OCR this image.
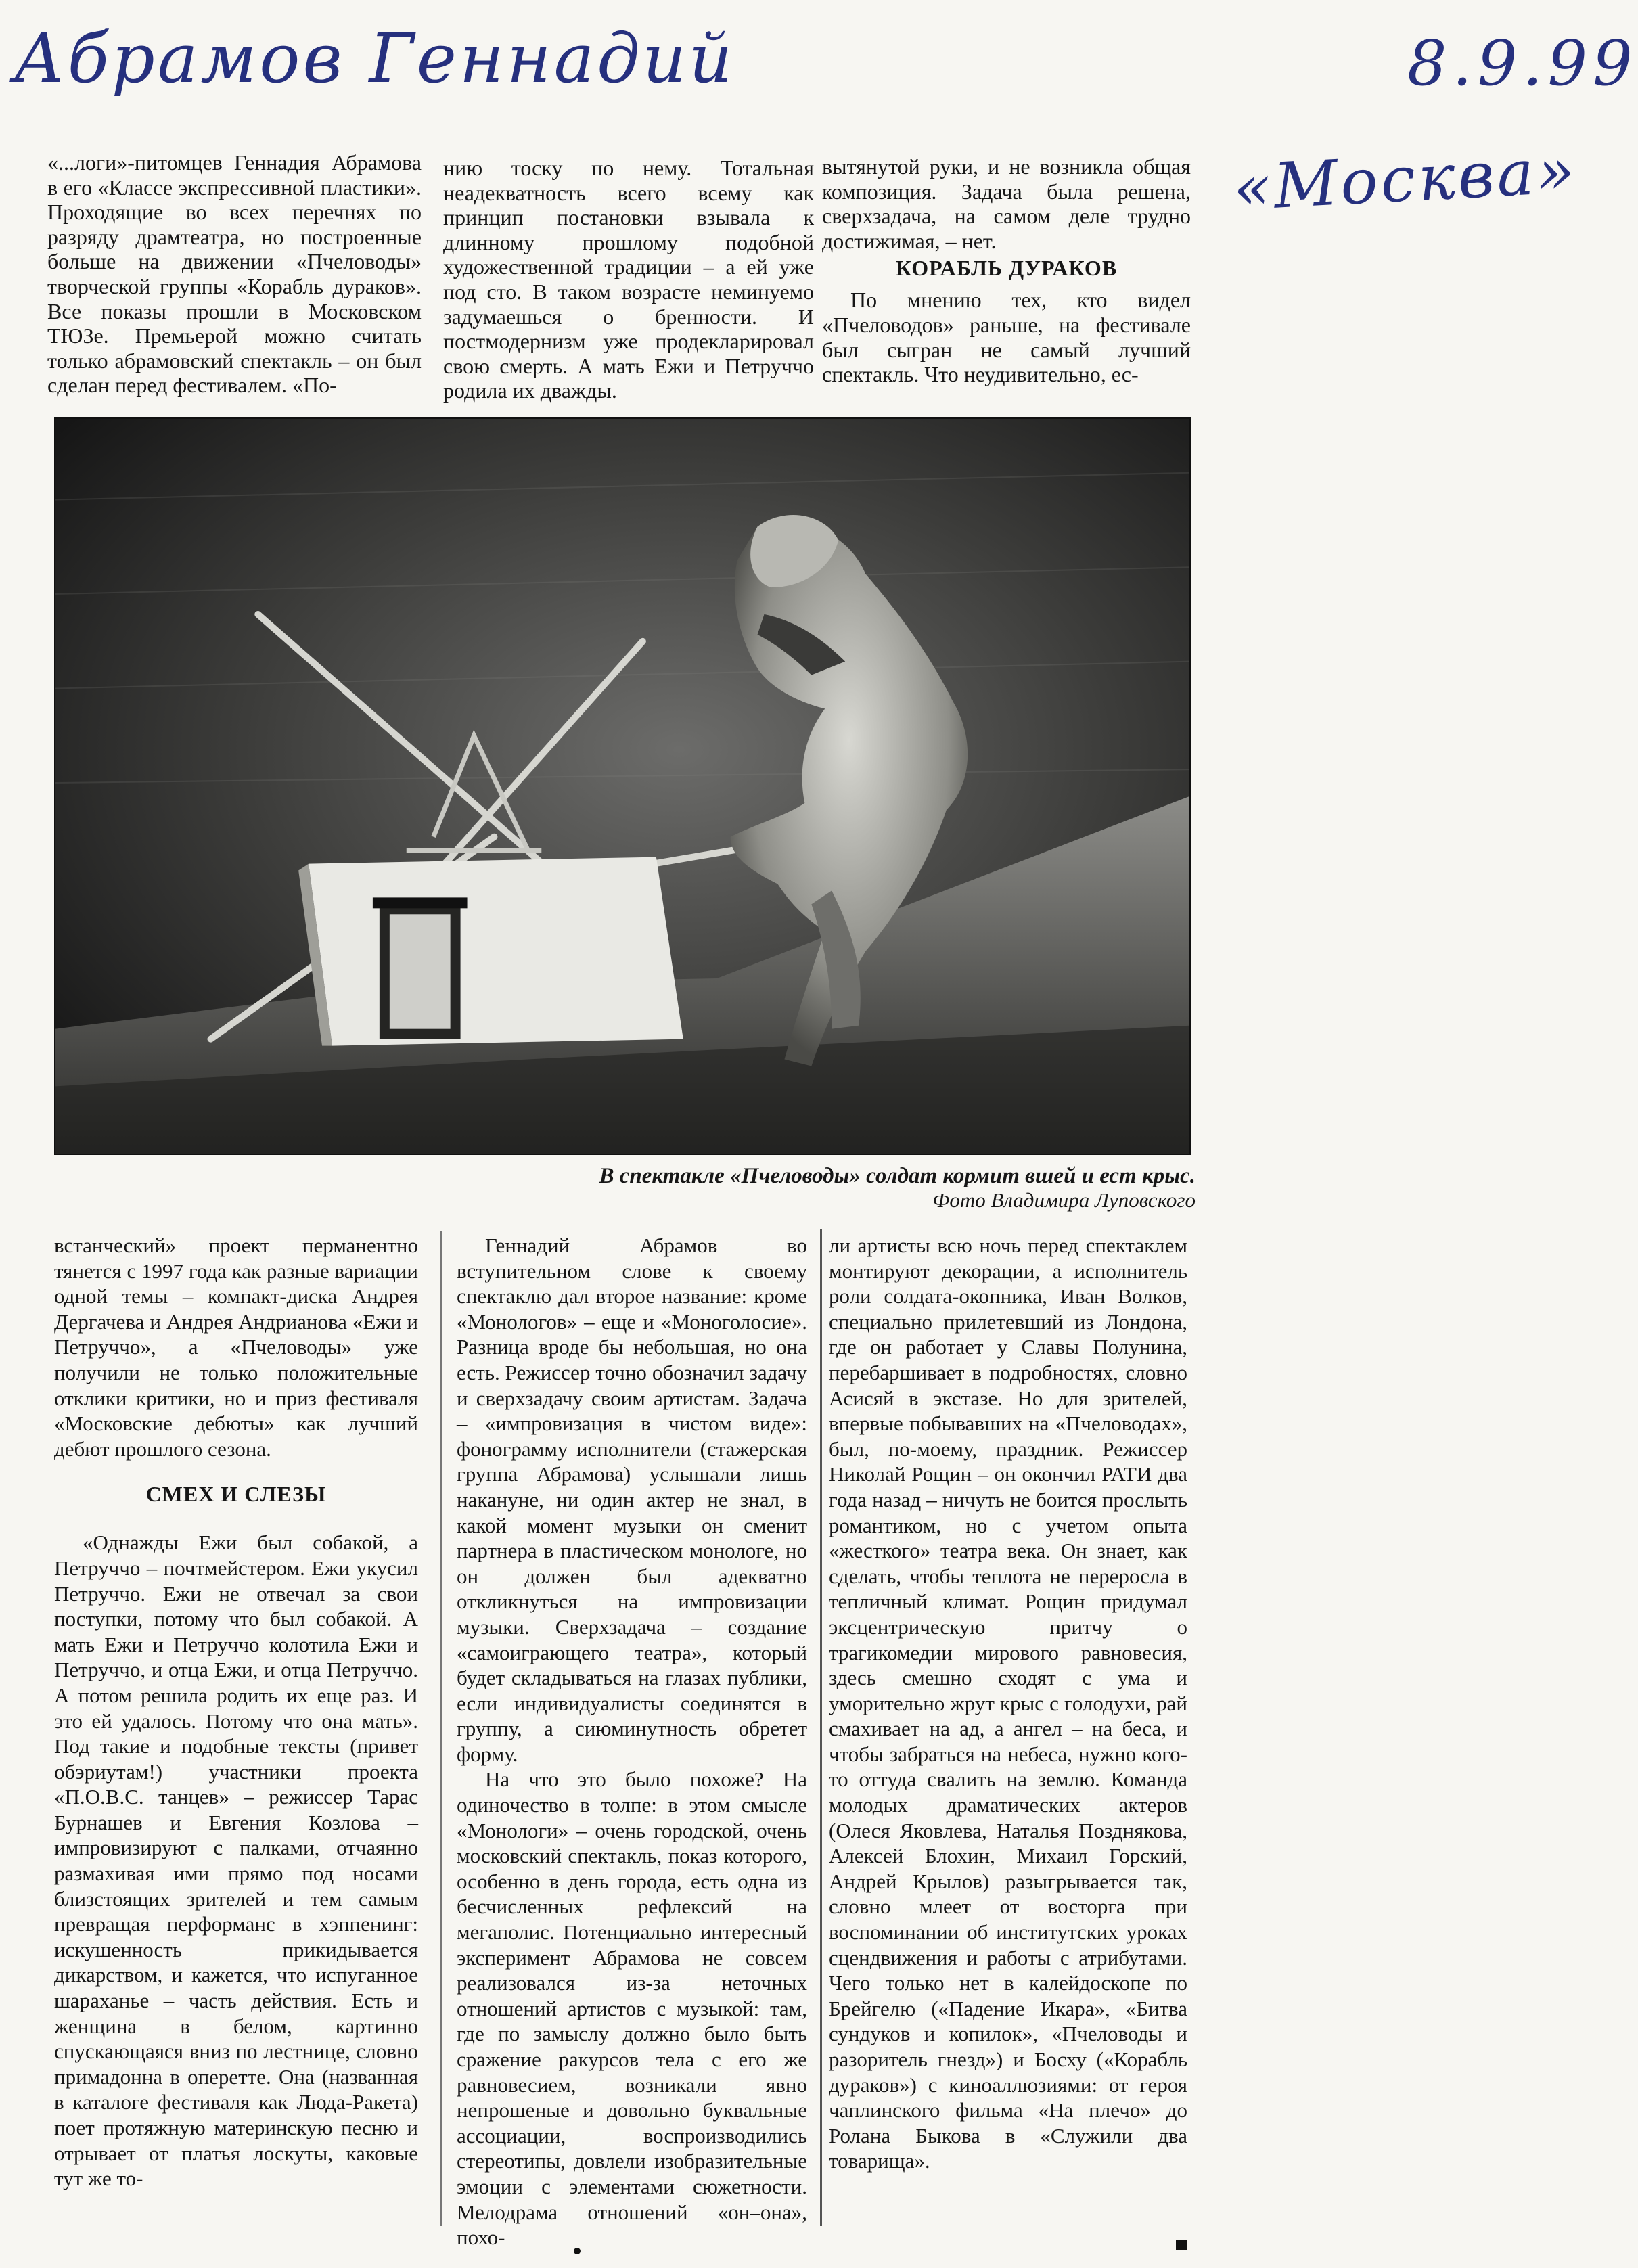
Абрамов Геннадий	8.9.99
«Москва»

«...логи»-питомцев Геннадия Абрамова в его «Классе экспрессивной пластики». Проходящие во всех перечнях по разряду драмтеатра, но построенные больше на движении «Пчеловоды» творческой группы «Корабль дураков». Все показы прошли в Московском ТЮЗе. Премьерой можно считать только абрамовский спектакль – он был сделан перед фестивалем. «По-

нию тоску по нему. Тотальная неадекватность всего всему как принцип постановки взывала к длинному прошлому подобной художественной традиции – а ей уже под сто. В таком возрасте неминуемо задумаешься о бренности. И постмодернизм уже продекларировал свою смерть. А мать Ежи и Петруччо родила их дважды.

вытянутой руки, и не возникла общая композиция. Задача была решена, сверхзадача, на самом деле трудно достижимая, – нет.

КОРАБЛЬ ДУРАКОВ

По мнению тех, кто видел «Пчеловодов» раньше, на фестивале был сыгран не самый лучший спектакль. Что неудивительно, ес-

В спектакле «Пчеловоды» солдат кормит вшей и ест крыс.
Фото Владимира Луповского

встанческий» проект перманентно тянется с 1997 года как разные вариации одной темы – компакт-диска Андрея Дергачева и Андрея Андрианова «Ежи и Петруччо», а «Пчеловоды» уже получили не только положительные отклики критики, но и приз фестиваля «Московские дебюты» как лучший дебют прошлого сезона.

СМЕХ И СЛЕЗЫ

«Однажды Ежи был собакой, а Петруччо – почтмейстером. Ежи укусил Петруччо. Ежи не отвечал за свои поступки, потому что был собакой. А мать Ежи и Петруччо колотила Ежи и Петруччо, и отца Ежи, и отца Петруччо. А потом решила родить их еще раз. И это ей удалось. Потому что она мать». Под такие и подобные тексты (привет обэриутам!) участники проекта «П.О.В.С. танцев» – режиссер Тарас Бурнашев и Евгения Козлова – импровизируют с палками, отчаянно размахивая ими прямо под носами близстоящих зрителей и тем самым превращая перформанс в хэппенинг: искушенность прикидывается дикарством, и кажется, что испуганное шараханье – часть действия. Есть и женщина в белом, картинно спускающаяся вниз по лестнице, словно примадонна в оперетте. Она (названная в каталоге фестиваля как Люда-Ракета) поет протяжную материнскую песню и отрывает от платья лоскуты, каковые тут же то-

Геннадий Абрамов во вступительном слове к своему спектаклю дал второе название: кроме «Монологов» – еще и «Моноголосие». Разница вроде бы небольшая, но она есть. Режиссер точно обозначил задачу и сверхзадачу своим артистам. Задача – «импровизация в чистом виде»: фонограмму исполнители (стажерская группа Абрамова) услышали лишь накануне, ни один актер не знал, в какой момент музыки он сменит партнера в пластическом монологе, но он должен был адекватно откликнуться на импровизации музыки. Сверхзадача – создание «самоиграющего театра», который будет складываться на глазах публики, если индивидуалисты соединятся в группу, а сиюминутность обретет форму.

На что это было похоже? На одиночество в толпе: в этом смысле «Монологи» – очень городской, очень московский спектакль, показ которого, особенно в день города, есть одна из бесчисленных рефлексий на мегаполис. Потенциально интересный эксперимент Абрамова не совсем реализовался из-за неточных отношений артистов с музыкой: там, где по замыслу должно было быть сражение ракурсов тела с его же равновесием, возникали явно непрошеные и довольно буквальные ассоциации, воспроизводились стереотипы, довлели изобразительные эмоции с элементами сюжетности. Мелодрама отношений «он–она», похо-

ли артисты всю ночь перед спектаклем монтируют декорации, а исполнитель роли солдата-окопника, Иван Волков, специально прилетевший из Лондона, где он работает у Славы Полунина, перебаршивает в подробностях, словно Асисяй в экстазе. Но для зрителей, впервые побывавших на «Пчеловодах», был, по-моему, праздник. Режиссер Николай Рощин – он окончил РАТИ два года назад – ничуть не боится прослыть романтиком, но с учетом опыта «жесткого» театра века. Он знает, как сделать, чтобы теплота не переросла в тепличный климат. Рощин придумал эксцентрическую притчу о трагикомедии мирового равновесия, здесь смешно сходят с ума и уморительно жрут крыс с голодухи, рай смахивает на ад, а ангел – на беса, и чтобы забраться на небеса, нужно кого-то оттуда свалить на землю. Команда молодых драматических актеров (Олеся Яковлева, Наталья Позднякова, Алексей Блохин, Михаил Горский, Андрей Крылов) разыгрывается так, словно млеет от восторга при воспоминании об институтских уроках сцендвижения и работы с атрибутами. Чего только нет в калейдоскопе по Брейгелю («Падение Икара», «Битва сундуков и копилок», «Пчеловоды и разоритель гнезд») и Босху («Корабль дураков») с киноаллюзиями: от героя чаплинского фильма «На плечо» до Ролана Быкова в «Служили два товарища».
